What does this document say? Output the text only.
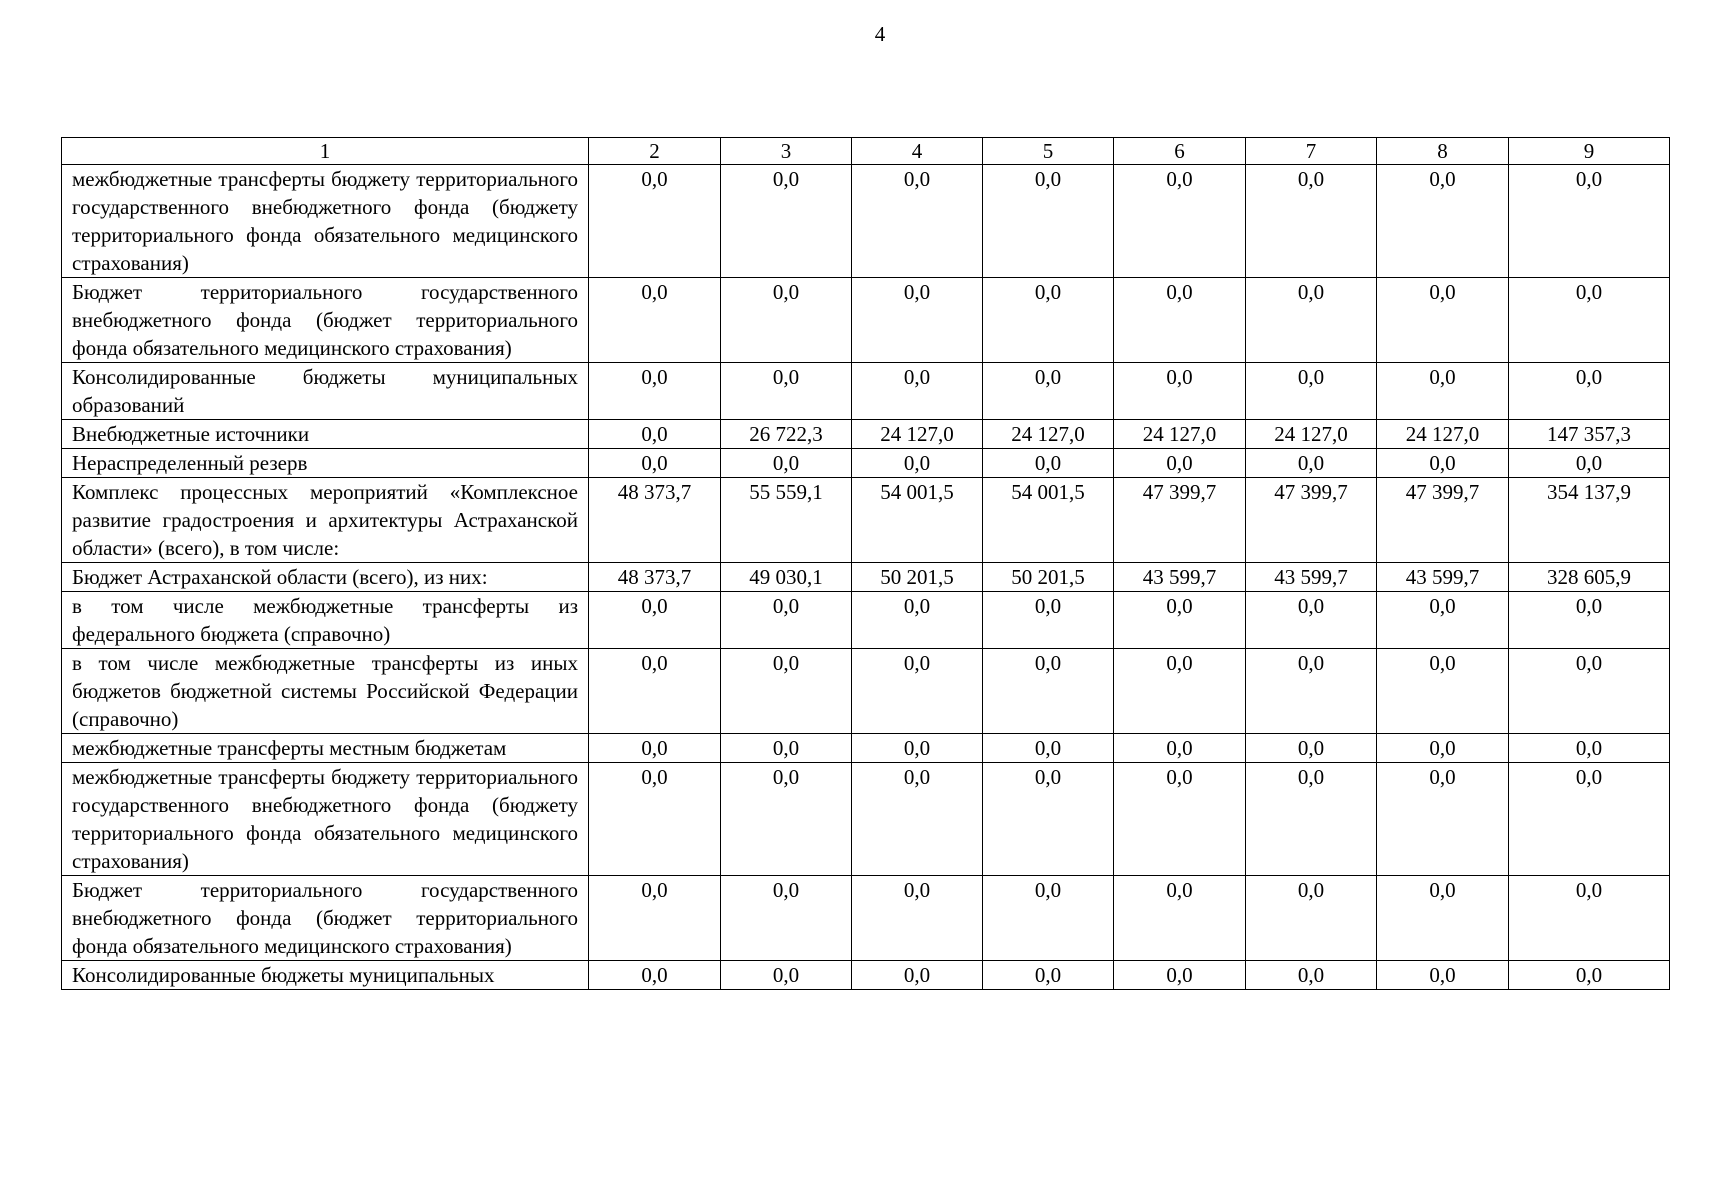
4
1	2	3	4	5	6	7	8	9
межбюджетные трансферты бюджету территориального государственного внебюджетного фонда (бюджету территориального фонда обязательного медицинского страхования)	0,0	0,0	0,0	0,0	0,0	0,0	0,0	0,0
Бюджет территориального государственного внебюджетного фонда (бюджет территориального фонда обязательного медицинского страхования)	0,0	0,0	0,0	0,0	0,0	0,0	0,0	0,0
Консолидированные бюджеты муниципальных образований	0,0	0,0	0,0	0,0	0,0	0,0	0,0	0,0
Внебюджетные источники	0,0	26 722,3	24 127,0	24 127,0	24 127,0	24 127,0	24 127,0	147 357,3
Нераспределенный резерв	0,0	0,0	0,0	0,0	0,0	0,0	0,0	0,0
Комплекс процессных мероприятий «Комплексное развитие градостроения и архитектуры Астраханской области» (всего), в том числе:	48 373,7	55 559,1	54 001,5	54 001,5	47 399,7	47 399,7	47 399,7	354 137,9
Бюджет Астраханской области (всего), из них:	48 373,7	49 030,1	50 201,5	50 201,5	43 599,7	43 599,7	43 599,7	328 605,9
в том числе межбюджетные трансферты из федерального бюджета (справочно)	0,0	0,0	0,0	0,0	0,0	0,0	0,0	0,0
в том числе межбюджетные трансферты из иных бюджетов бюджетной системы Российской Федерации (справочно)	0,0	0,0	0,0	0,0	0,0	0,0	0,0	0,0
межбюджетные трансферты местным бюджетам	0,0	0,0	0,0	0,0	0,0	0,0	0,0	0,0
межбюджетные трансферты бюджету территориального государственного внебюджетного фонда (бюджету территориального фонда обязательного медицинского страхования)	0,0	0,0	0,0	0,0	0,0	0,0	0,0	0,0
Бюджет территориального государственного внебюджетного фонда (бюджет территориального фонда обязательного медицинского страхования)	0,0	0,0	0,0	0,0	0,0	0,0	0,0	0,0
Консолидированные бюджеты муниципальных	0,0	0,0	0,0	0,0	0,0	0,0	0,0	0,0
